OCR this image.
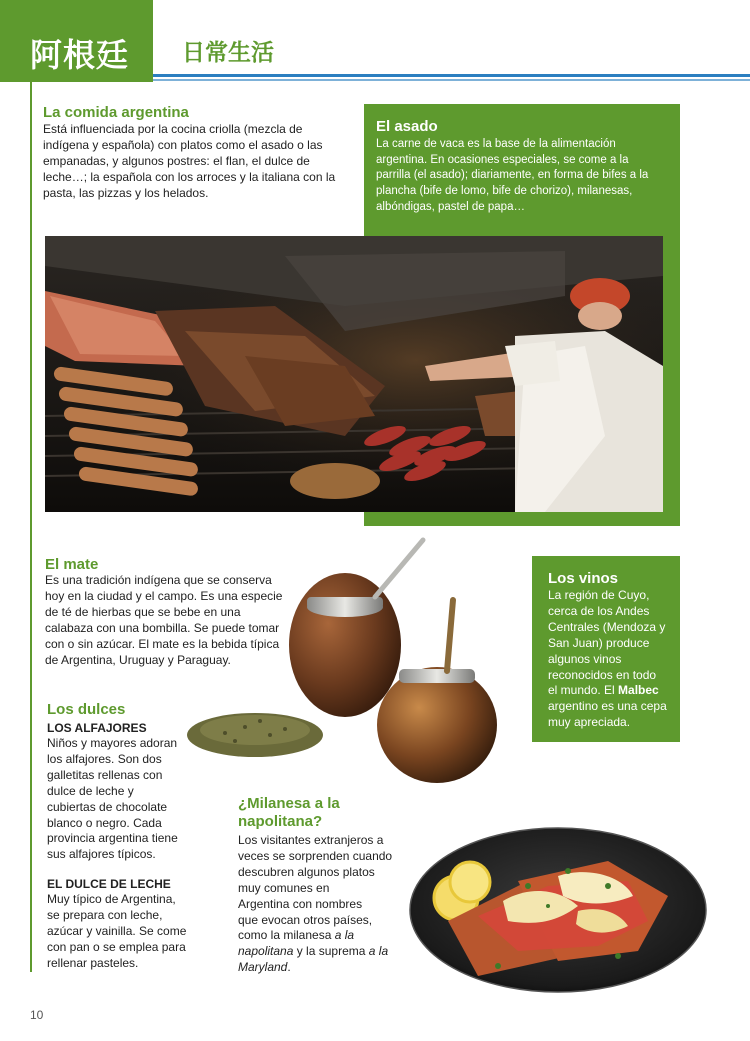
阿根廷	日常生活
La comida argentina
Está influenciada por la cocina criolla (mezcla de
indígena y española) con platos como el asado o las
empanadas, y algunos postres: el flan, el dulce de
leche…; la española con los arroces y la italiana con la
pasta, las pizzas y los helados.
El asado
La carne de vaca es la base de la alimentación
argentina. En ocasiones especiales, se come a la
parrilla (el asado); diariamente, en forma de bifes a la
plancha (bife de lomo, bife de chorizo), milanesas,
albóndigas, pastel de papa…
El mate
Es una tradición indígena que se conserva
hoy en la ciudad y el campo. Es una especie
de té de hierbas que se bebe en una
calabaza con una bombilla. Se puede tomar
con o sin azúcar. El mate es la bebida típica
de Argentina, Uruguay y Paraguay.
Los dulces
LOS ALFAJORES
Niños y mayores adoran
los alfajores. Son dos
galletitas rellenas con
dulce de leche y
cubiertas de chocolate
blanco o negro. Cada
provincia argentina tiene
sus alfajores típicos.
EL DULCE DE LECHE
Muy típico de Argentina,
se prepara con leche,
azúcar y vainilla. Se come
con pan o se emplea para
rellenar pasteles.
Los vinos
La región de Cuyo,
cerca de los Andes
Centrales (Mendoza y
San Juan) produce
algunos vinos
reconocidos en todo
el mundo. El Malbec
argentino es una cepa
muy apreciada.
¿Milanesa a la
napolitana?
Los visitantes extranjeros a
veces se sorprenden cuando
descubren algunos platos
muy comunes en
Argentina con nombres
que evocan otros países,
como la milanesa a la
napolitana y la suprema a la
Maryland.
10
